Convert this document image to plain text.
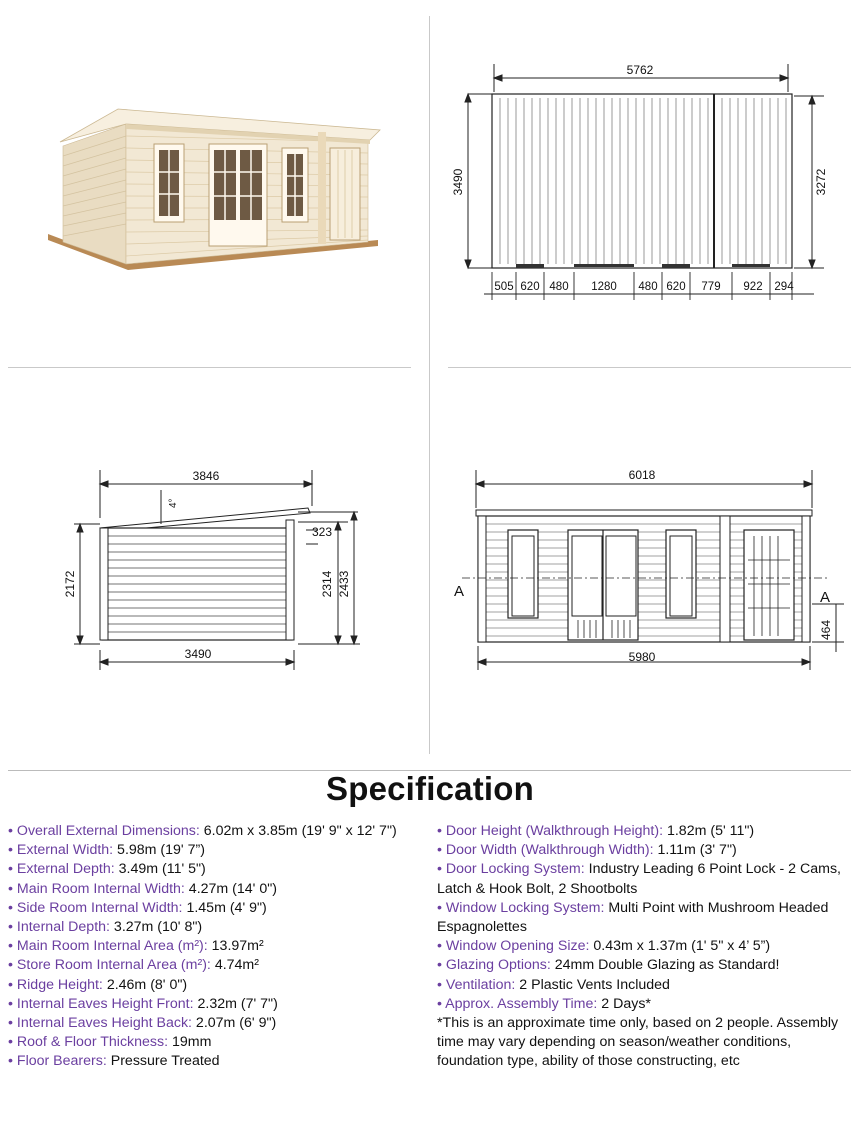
5762
3490	3272
505 620 480 1280 480 620 779 922 294
3846
4°
2172
323
2314 2433
3490
6018
A	A
5980
464
Specification

• Overall External Dimensions: 6.02m x 3.85m (19' 9" x 12' 7")

• External Width: 5.98m (19' 7”)

• External Depth: 3.49m (11' 5")

• Main Room Internal Width: 4.27m (14' 0")

• Side Room Internal Width: 1.45m (4' 9")

• Internal Depth: 3.27m (10' 8")

• Main Room Internal Area (m²): 13.97m²

• Store Room Internal Area (m²): 4.74m²

• Ridge Height: 2.46m (8' 0")

• Internal Eaves Height Front: 2.32m (7' 7")

• Internal Eaves Height Back: 2.07m (6' 9")

• Roof & Floor Thickness: 19mm

• Floor Bearers: Pressure Treated

• Door Height (Walkthrough Height): 1.82m (5' 11")

• Door Width (Walkthrough Width): 1.11m (3' 7")

• Door Locking System: Industry Leading 6 Point Lock - 2 Cams, Latch & Hook Bolt, 2 Shootbolts

• Window Locking System: Multi Point with Mushroom Headed Espagnolettes

• Window Opening Size: 0.43m x 1.37m (1' 5" x 4’ 5”)

• Glazing Options: 24mm Double Glazing as Standard!

• Ventilation: 2 Plastic Vents Included

• Approx. Assembly Time: 2 Days*

*This is an approximate time only, based on 2 people. Assembly time may vary depending on season/weather conditions, foundation type, ability of those constructing, etc
